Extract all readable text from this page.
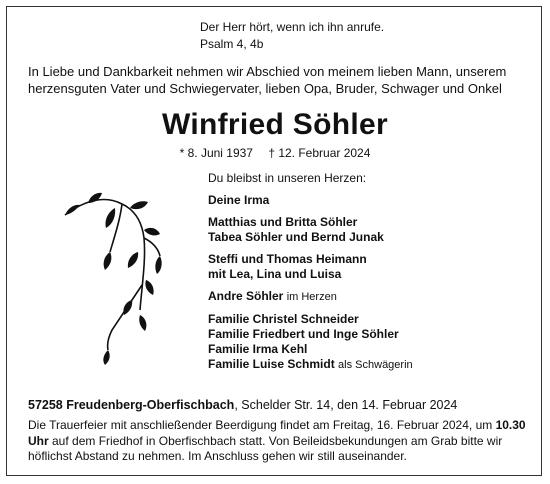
Der Herr hört, wenn ich ihn anrufe.
Psalm 4, 4b
In Liebe und Dankbarkeit nehmen wir Abschied von meinem lieben Mann, unserem herzensguten Vater und Schwiegervater, lieben Opa, Bruder, Schwager und Onkel
Winfried Söhler
* 8. Juni 1937 † 12. Februar 2024
Du bleibst in unseren Herzen:
Deine Irma
Matthias und Britta Söhler
Tabea Söhler und Bernd Junak
Steffi und Thomas Heimann
mit Lea, Lina und Luisa
Andre Söhler im Herzen
Familie Christel Schneider
Familie Friedbert und Inge Söhler
Familie Irma Kehl
Familie Luise Schmidt als Schwägerin
57258 Freudenberg-Oberfischbach, Schelder Str. 14, den 14. Februar 2024
Die Trauerfeier mit anschließender Beerdigung findet am Freitag, 16. Februar 2024, um 10.30 Uhr auf dem Friedhof in Oberfischbach statt. Von Beileidsbekundungen am Grab bitte wir höflichst Abstand zu nehmen. Im Anschluss gehen wir still auseinander.
